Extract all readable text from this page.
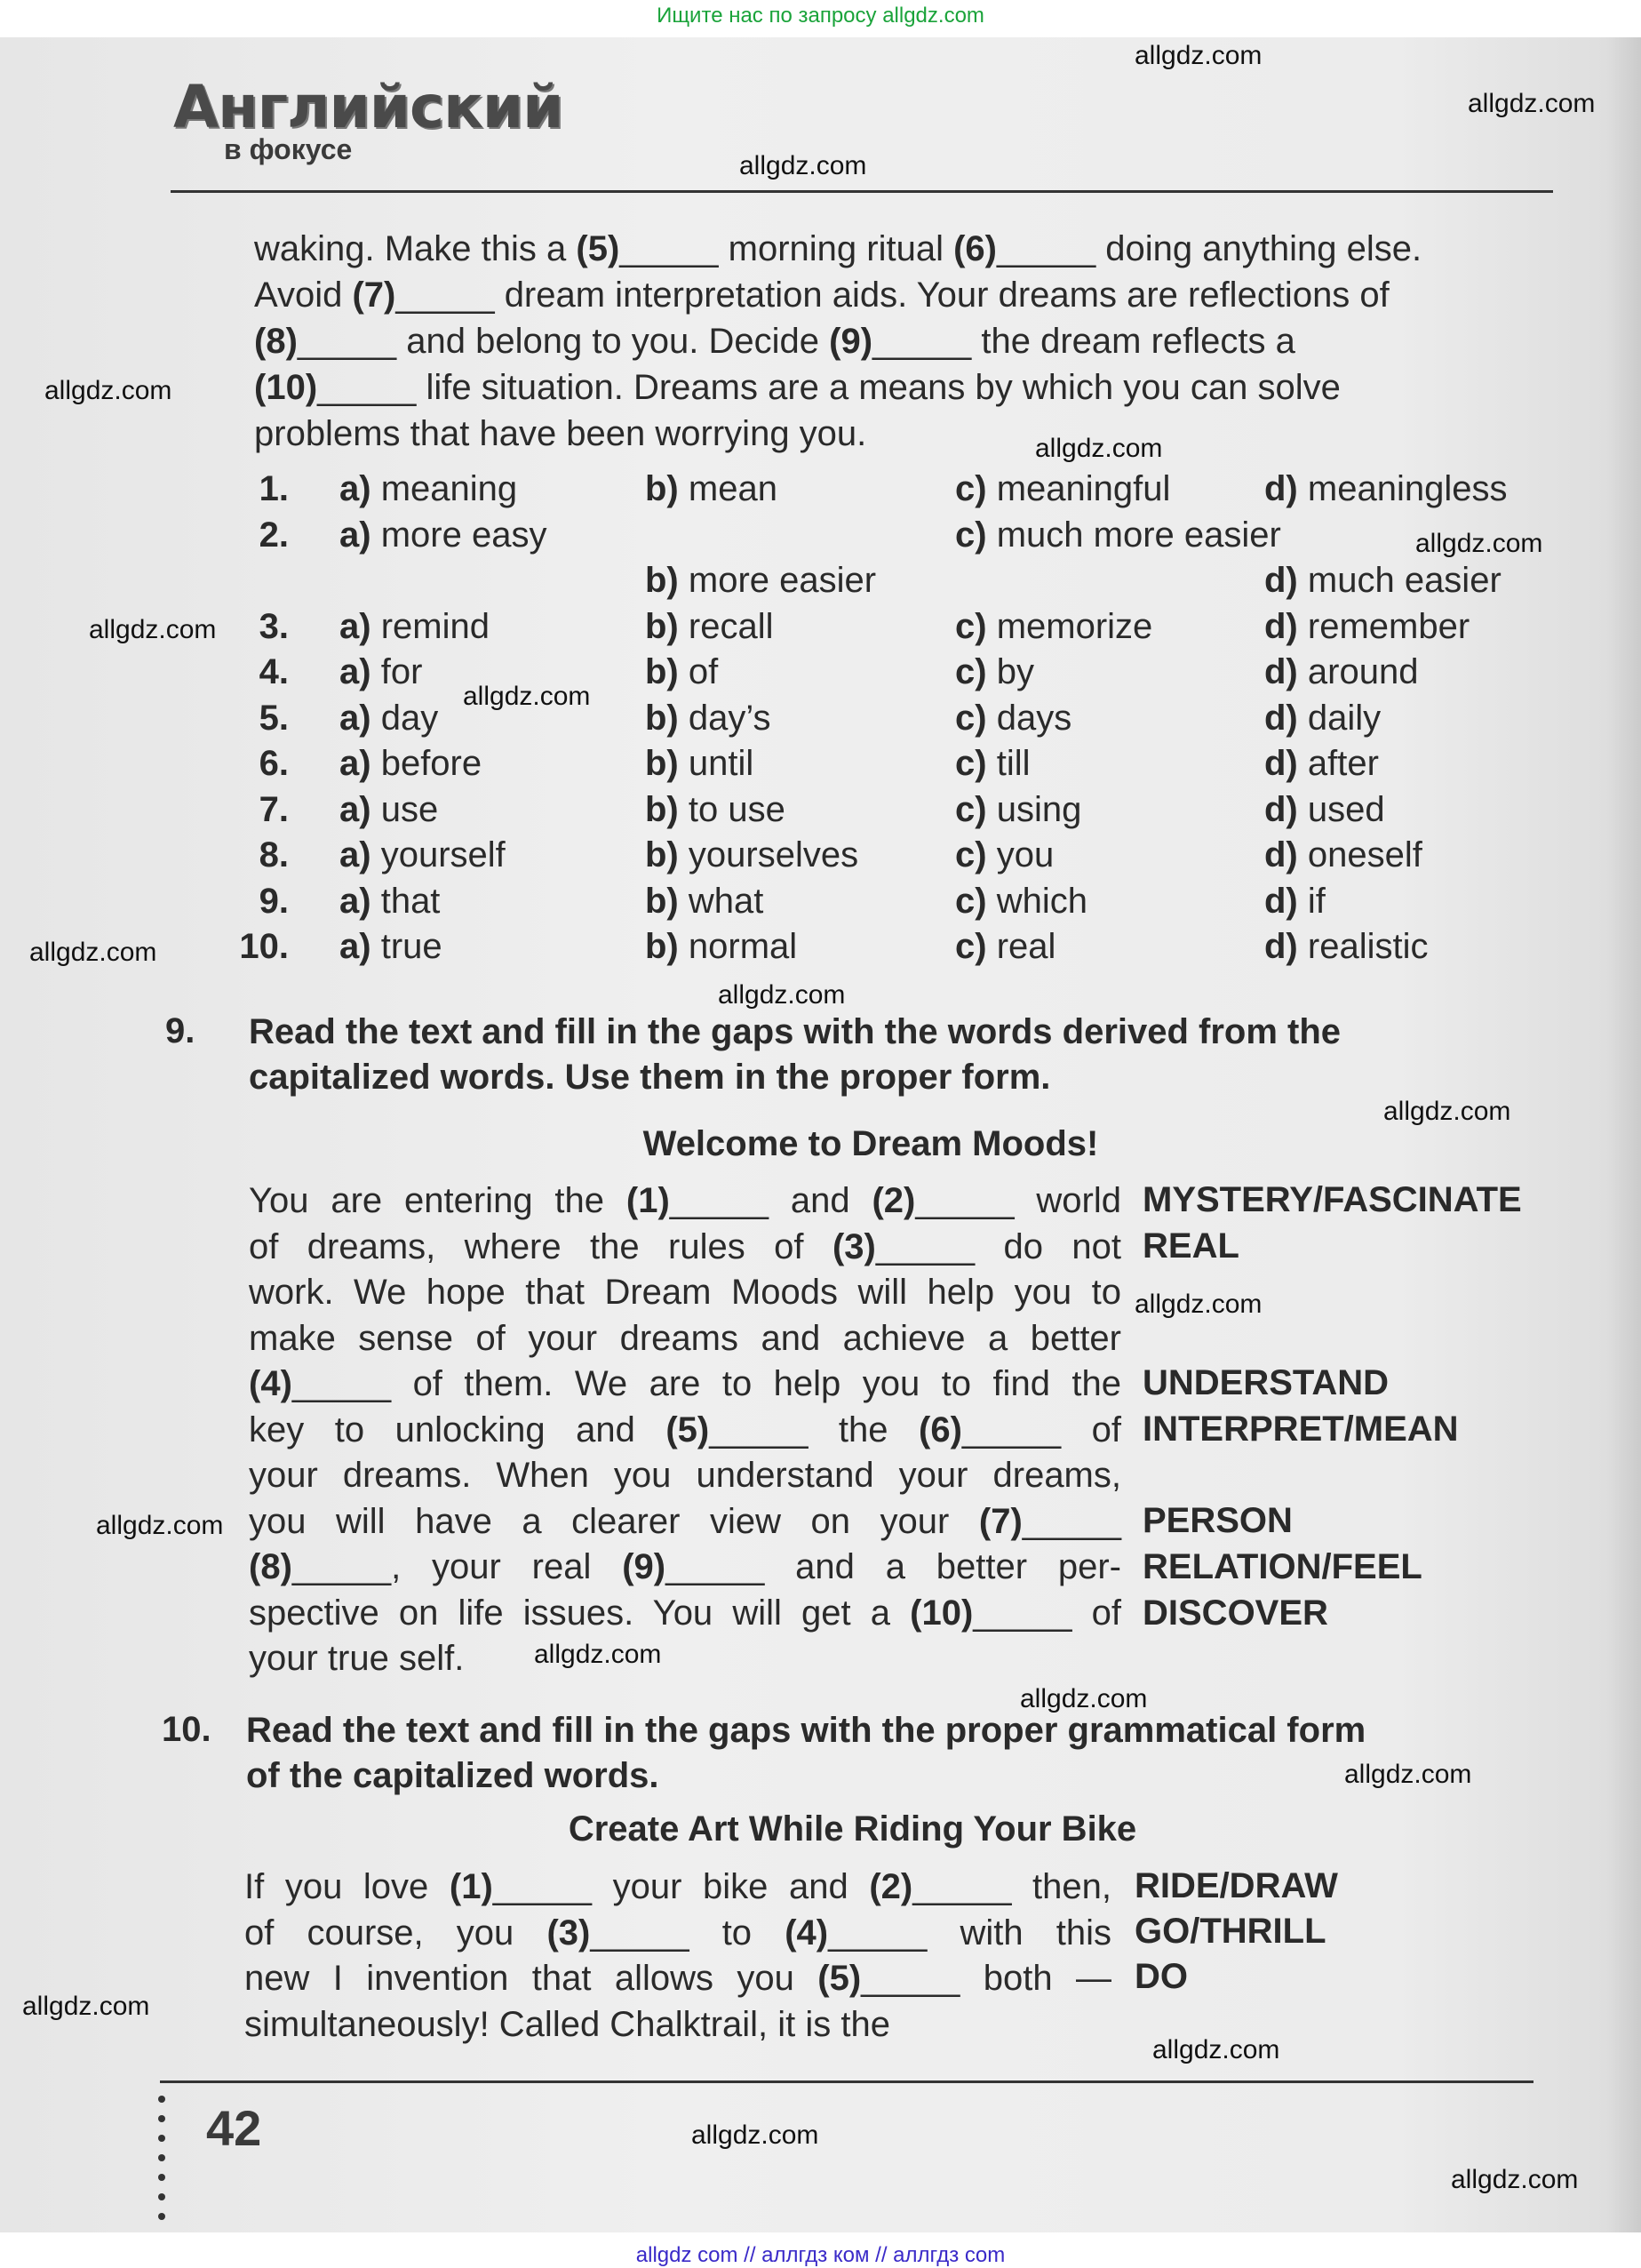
Ищите нас по запросу allgdz.com
Английский
в фокусе
waking. Make this a (5)_____ morning ritual (6)_____ doing anything else.
Avoid (7)_____ dream interpretation aids. Your dreams are reflections of
(8)_____ and belong to you. Decide (9)_____ the dream reflects a
(10)_____ life situation. Dreams are a means by which you can solve
problems that have been worrying you.
1. a) meaning	b) mean	c) meaningful	d) meaningless
2. a) more easy	c) much more easier
b) more easier	d) much easier
3. a) remind	b) recall	c) memorize	d) remember
4. a) for	b) of	c) by	d) around
5. a) day	b) day’s	c) days	d) daily
6. a) before	b) until	c) till	d) after
7. a) use	b) to use	c) using	d) used
8. a) yourself	b) yourselves	c) you	d) oneself
9. a) that	b) what	c) which	d) if
10. a) true	b) normal	c) real	d) realistic
9. Read the text and fill in the gaps with the words derived from the
capitalized words. Use them in the proper form.
Welcome to Dream Moods!
You are entering the (1)_____ and (2)_____ world
of dreams, where the rules of (3)_____ do not
work. We hope that Dream Moods will help you to
make sense of your dreams and achieve a better
(4)_____ of them. We are to help you to find the
key to unlocking and (5)_____ the (6)_____ of
your dreams. When you understand your dreams,
you will have a clearer view on your (7)_____
(8)_____, your real (9)_____ and a better per-
spective on life issues. You will get a (10)_____ of
your true self.
MYSTERY/FASCINATE
REAL
UNDERSTAND
INTERPRET/MEAN
PERSON
RELATION/FEEL
DISCOVER
10. Read the text and fill in the gaps with the proper grammatical form
of the capitalized words.
Create Art While Riding Your Bike
If you love (1)_____ your bike and (2)_____ then,
of course, you (3)_____ to (4)_____ with this
new I invention that allows you (5)_____ both —
simultaneously! Called Chalktrail, it is the
RIDE/DRAW
GO/THRILL
DO
42
allgdz.com
allgdz.com
allgdz.com
allgdz.com
allgdz.com
allgdz.com
allgdz.com
allgdz.com
allgdz.com
allgdz.com
allgdz.com
allgdz.com
allgdz.com
allgdz.com
allgdz.com
allgdz.com
allgdz.com
allgdz.com
allgdz.com
allgdz.com
allgdz com // аллгдз ком // аллгдз com
